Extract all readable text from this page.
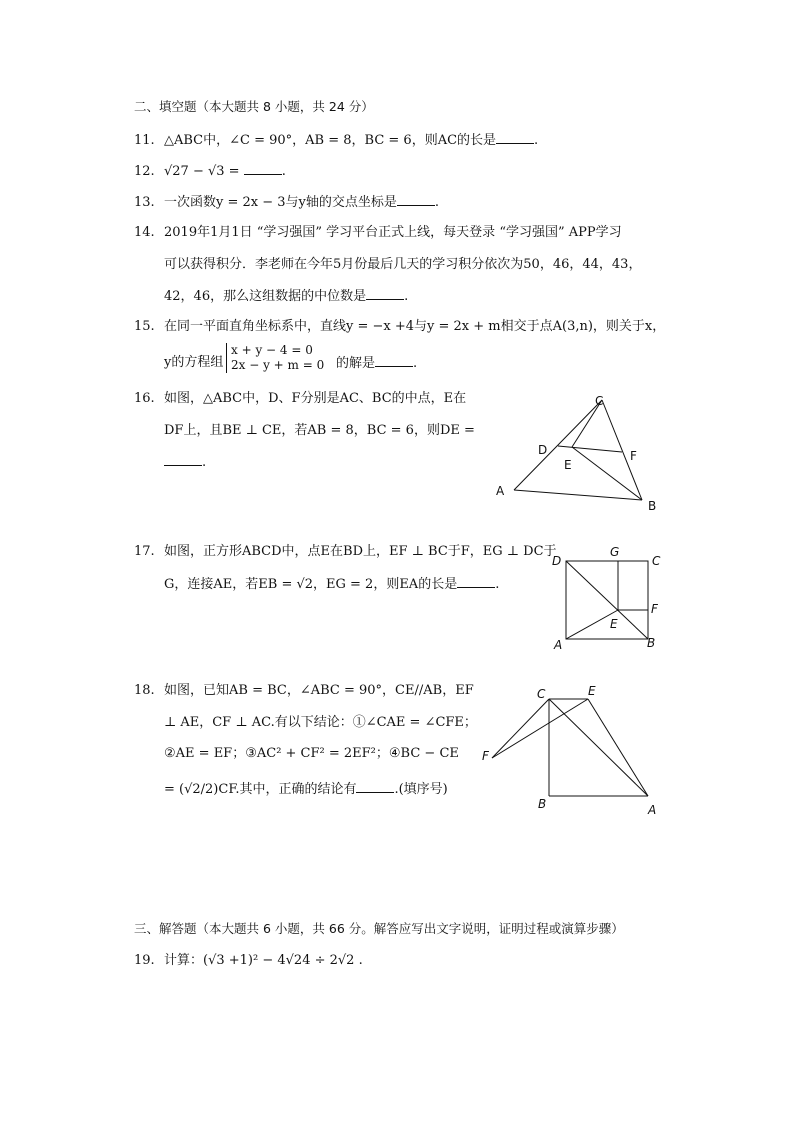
二、填空题（本大题共 8 小题，共 24 分）
11. △ABC中，∠C = 90°，AB = 8，BC = 6，则AC的长是	.
12. √27 − √3 =	.
13. 一次函数y = 2x − 3与y轴的交点坐标是	.
14. 2019年1月1日 “学习强国” 学习平台正式上线，每天登录 “学习强国” APP学习
可以获得积分．李老师在今年5月份最后几天的学习积分依次为50，46，44，43，
42，46，那么这组数据的中位数是	.
15. 在同一平面直角坐标系中，直线y = −x +4与y = 2x + m相交于点A(3,n)，则关于x，
y的方程组
x + y − 4 = 0
2x − y + m = 0 的解是	.
16. 如图，△ABC中，D、F分别是AC、BC的中点，E在
DF上，且BE ⊥ CE，若AB = 8，BC = 6，则DE =
.
C
D
E
F
A
B
17. 如图，正方形ABCD中，点E在BD上，EF ⊥ BC于F，EG ⊥ DC于
G，连接AE，若EB = √2，EG = 2，则EA的长是	.
D
G
C
F
E
A	B
18. 如图，已知AB = BC，∠ABC = 90°，CE//AB，EF
⊥ AE，CF ⊥ AC.有以下结论：①∠CAE = ∠CFE；
②AE = EF；③AC² + CF² = 2EF²；④BC − CE
= (√2/2)CF.其中，正确的结论有	.(填序号)
C	E
F
B	A
三、解答题（本大题共 6 小题，共 66 分。解答应写出文字说明，证明过程或演算步骤）
19. 计算：(√3 +1)² − 4√24 ÷ 2√2 .
